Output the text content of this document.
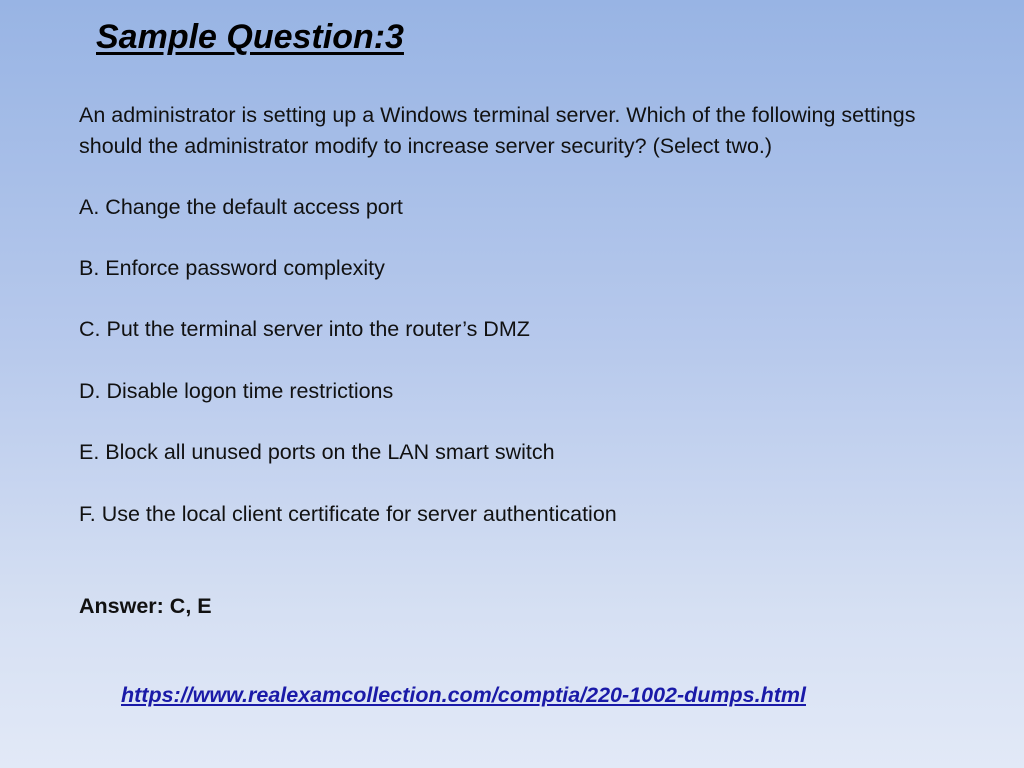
Sample Question:3
An administrator is setting up a Windows terminal server. Which of the following settings should the administrator modify to increase server security? (Select two.)
A. Change the default access port
B. Enforce password complexity
C. Put the terminal server into the router’s DMZ
D. Disable logon time restrictions
E. Block all unused ports on the LAN smart switch
F. Use the local client certificate for server authentication
Answer: C, E
https://www.realexamcollection.com/comptia/220-1002-dumps.html
